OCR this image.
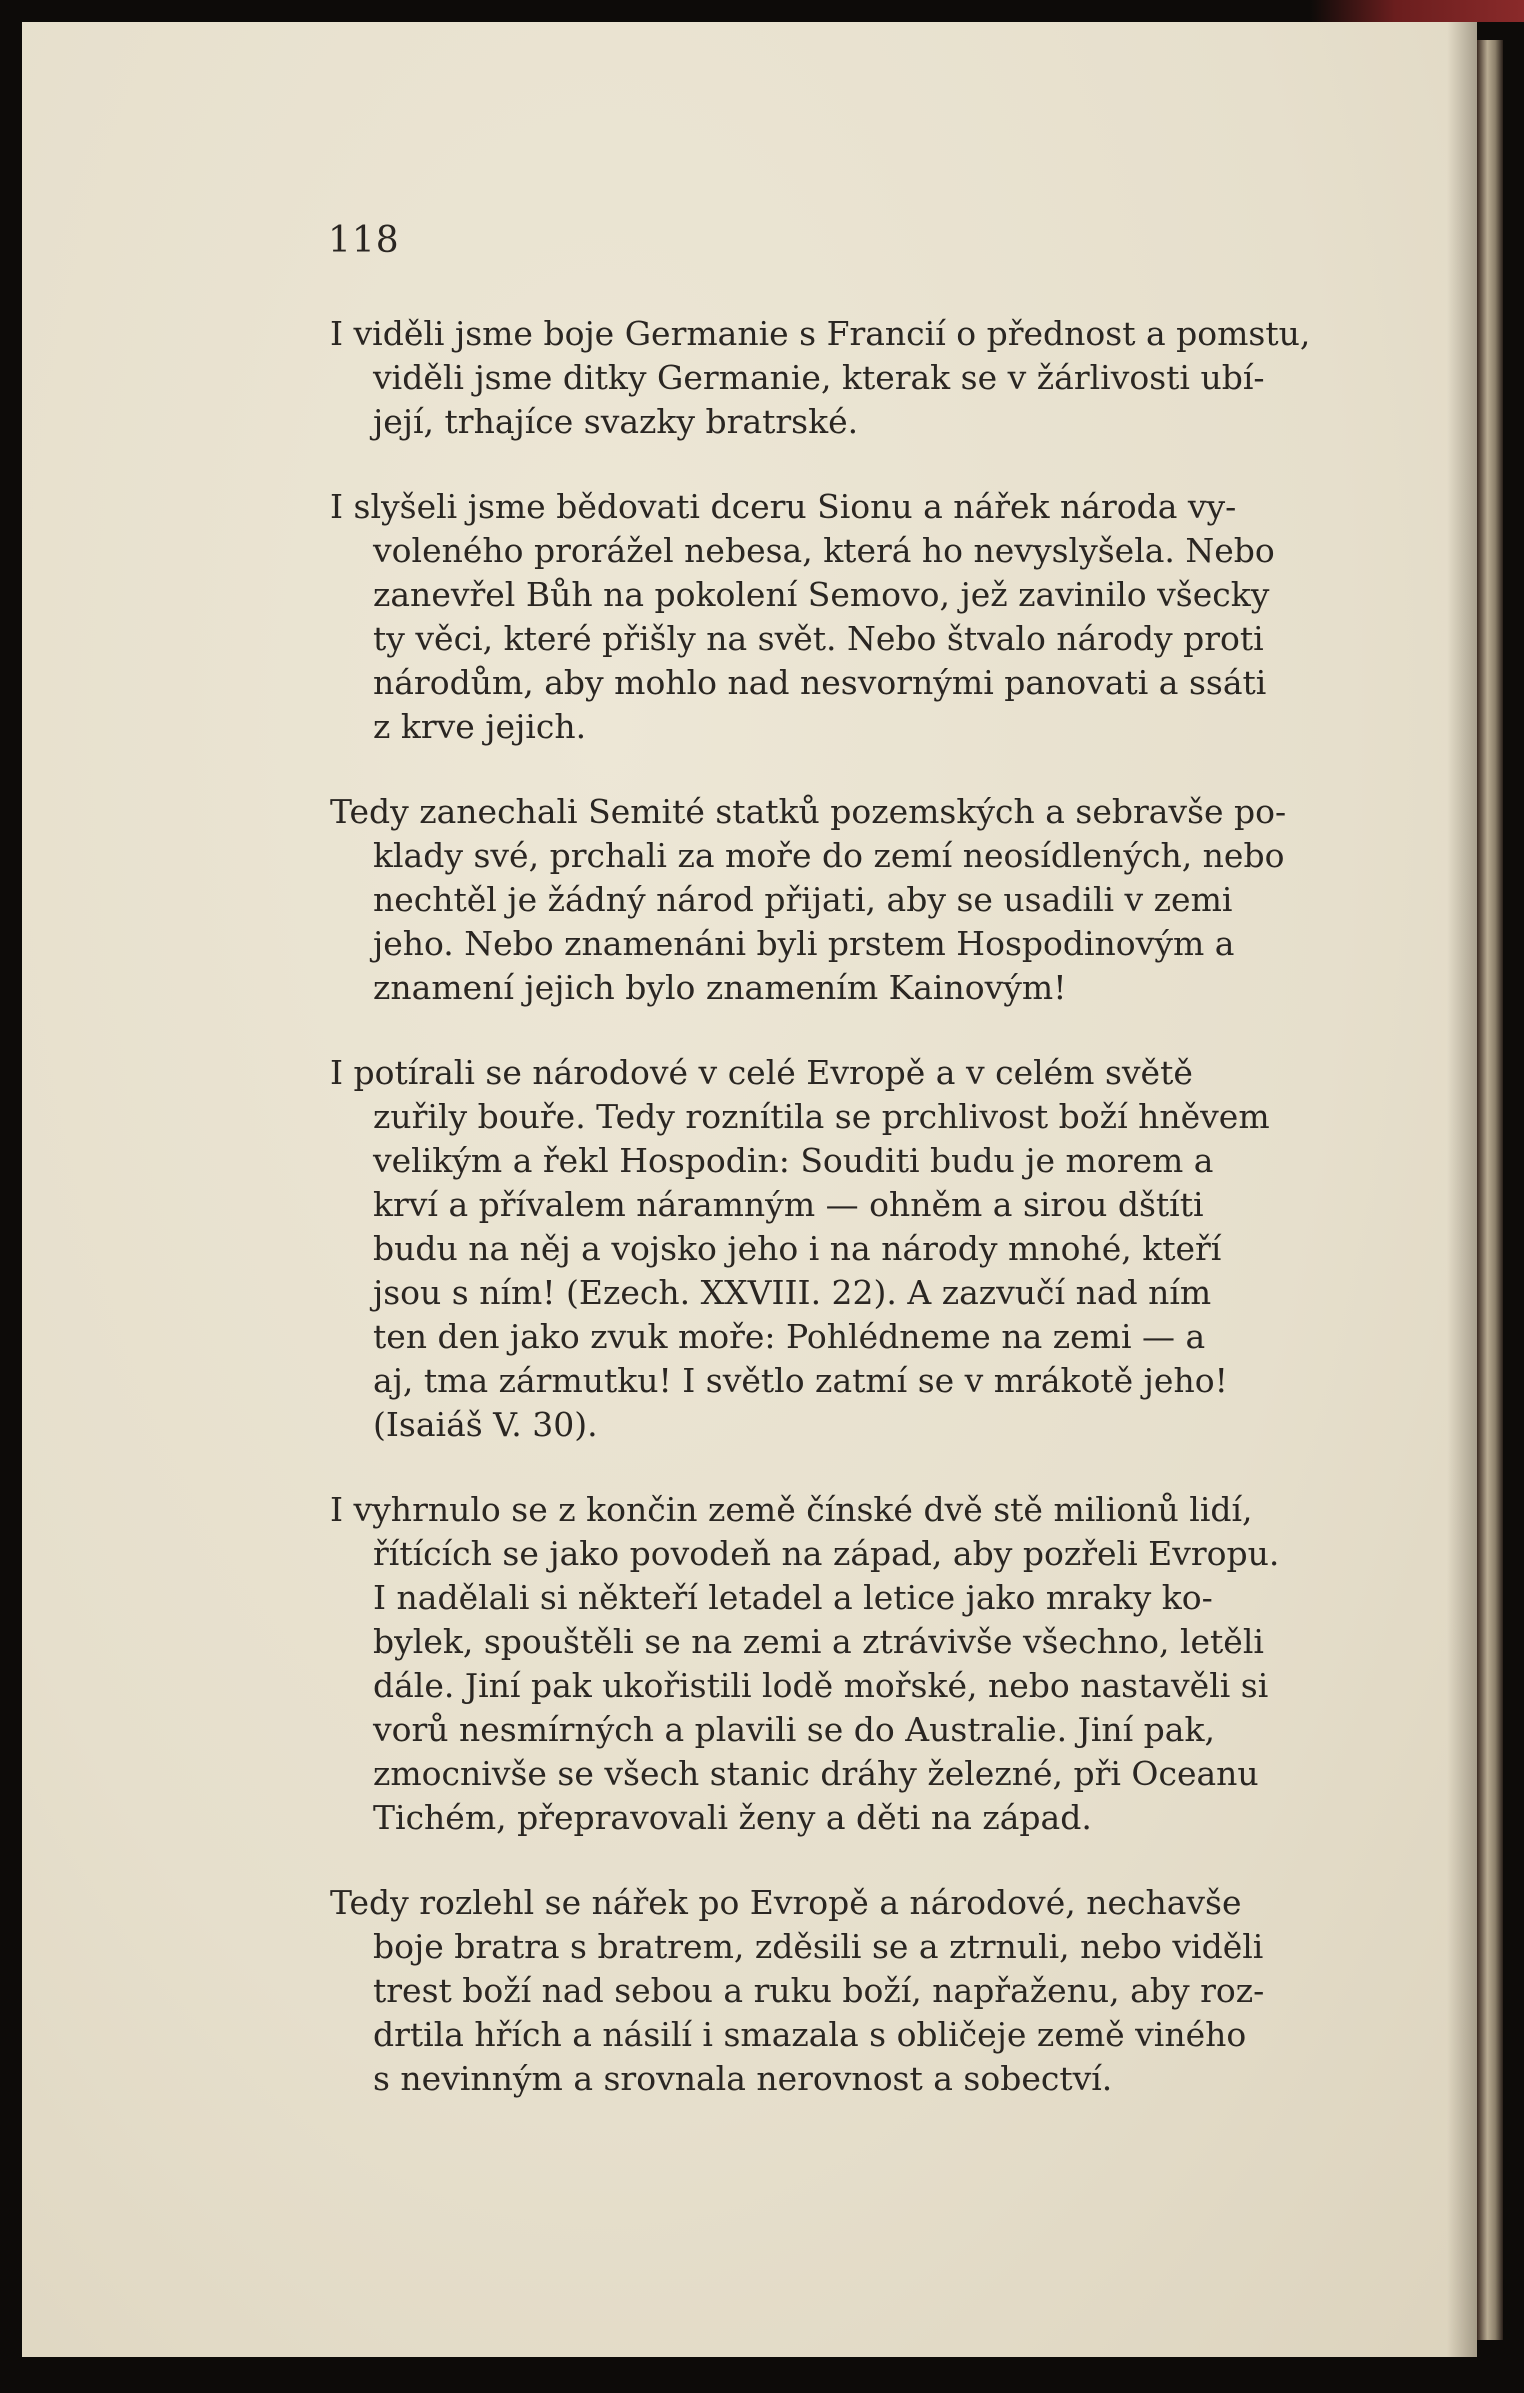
118
I viděli jsme boje Germanie s Francií o přednost a pomstu,
viděli jsme ditky Germanie, kterak se v žárlivosti ubí-
její, trhajíce svazky bratrské.
I slyšeli jsme bědovati dceru Sionu a nářek národa vy-
voleného prorážel nebesa, která ho nevyslyšela. Nebo
zanevřel Bůh na pokolení Semovo, jež zavinilo všecky
ty věci, které přišly na svět. Nebo štvalo národy proti
národům, aby mohlo nad nesvornými panovati a ssáti
z krve jejich.
Tedy zanechali Semité statků pozemských a sebravše po-
klady své, prchali za moře do zemí neosídlených, nebo
nechtěl je žádný národ přijati, aby se usadili v zemi
jeho. Nebo znamenáni byli prstem Hospodinovým a
znamení jejich bylo znamením Kainovým!
I potírali se národové v celé Evropě a v celém světě
zuřily bouře. Tedy roznítila se prchlivost boží hněvem
velikým a řekl Hospodin: Souditi budu je morem a
krví a přívalem náramným — ohněm a sirou dštíti
budu na něj a vojsko jeho i na národy mnohé, kteří
jsou s ním! (Ezech. XXVIII. 22). A zazvučí nad ním
ten den jako zvuk moře: Pohlédneme na zemi — a
aj, tma zármutku! I světlo zatmí se v mrákotě jeho!
(Isaiáš V. 30).
I vyhrnulo se z končin země čínské dvě stě milionů lidí,
řítících se jako povodeň na západ, aby pozřeli Evropu.
I nadělali si někteří letadel a letice jako mraky ko-
bylek, spouštěli se na zemi a ztrávivše všechno, letěli
dále. Jiní pak ukořistili lodě mořské, nebo nastavěli si
vorů nesmírných a plavili se do Australie. Jiní pak,
zmocnivše se všech stanic dráhy železné, při Oceanu
Tichém, přepravovali ženy a děti na západ.
Tedy rozlehl se nářek po Evropě a národové, nechavše
boje bratra s bratrem, zděsili se a ztrnuli, nebo viděli
trest boží nad sebou a ruku boží, napřaženu, aby roz-
drtila hřích a násilí i smazala s obličeje země viného
s nevinným a srovnala nerovnost a sobectví.
